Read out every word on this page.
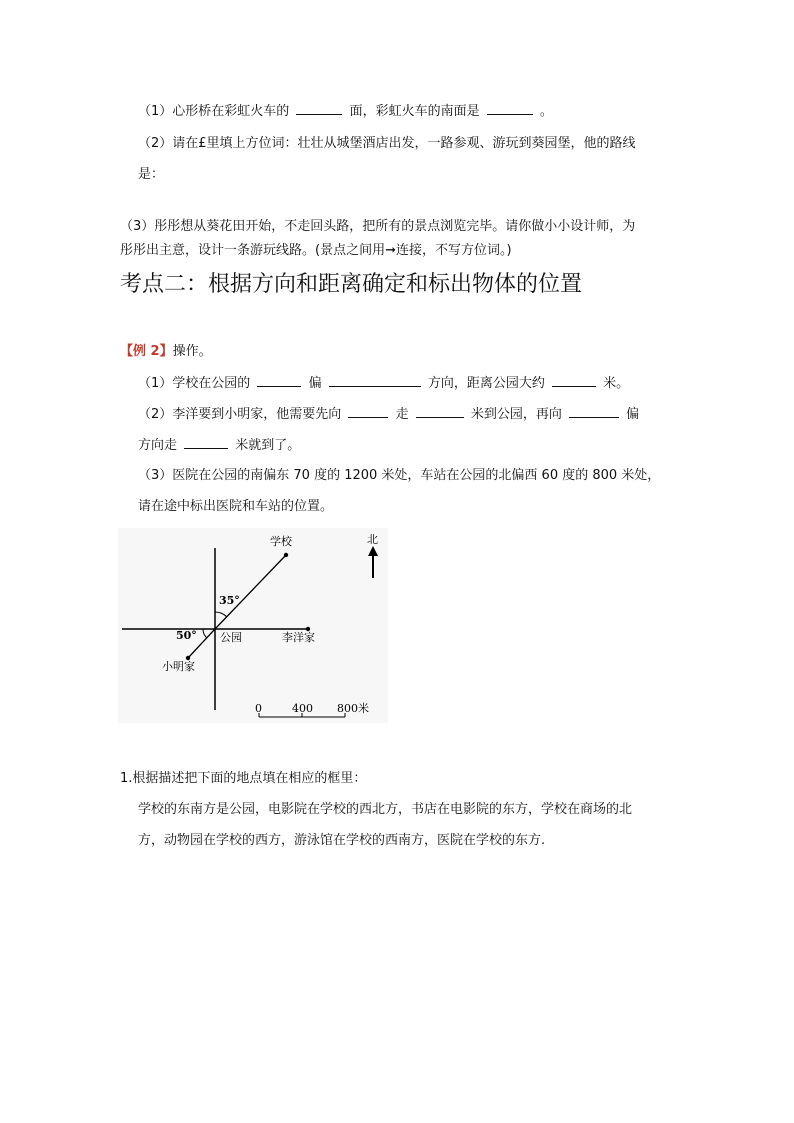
（1）心形桥在彩虹火车的	面，彩虹火车的南面是	。
（2）请在£里填上方位词：壮壮从城堡酒店出发，一路参观、游玩到葵园堡，他的路线
是：
（3）彤彤想从葵花田开始，不走回头路，把所有的景点浏览完毕。请你做小小设计师，为
彤彤出主意，设计一条游玩线路。(景点之间用➞连接，不写方位词。)
考点二：根据方向和距离确定和标出物体的位置
【例 2】操作。
（1）学校在公园的	偏	方向，距离公园大约	米。
（2）李洋要到小明家，他需要先向	走	米到公园，再向	偏
方向走	米就到了。
（3）医院在公园的南偏东 70 度的 1200 米处，车站在公园的北偏西 60 度的 800 米处，
请在途中标出医院和车站的位置。
学校
35°
50° 公园	李洋家
小明家
北
0	400 800米
1.根据描述把下面的地点填在相应的框里：
学校的东南方是公园，电影院在学校的西北方，书店在电影院的东方，学校在商场的北
方，动物园在学校的西方，游泳馆在学校的西南方，医院在学校的东方.
